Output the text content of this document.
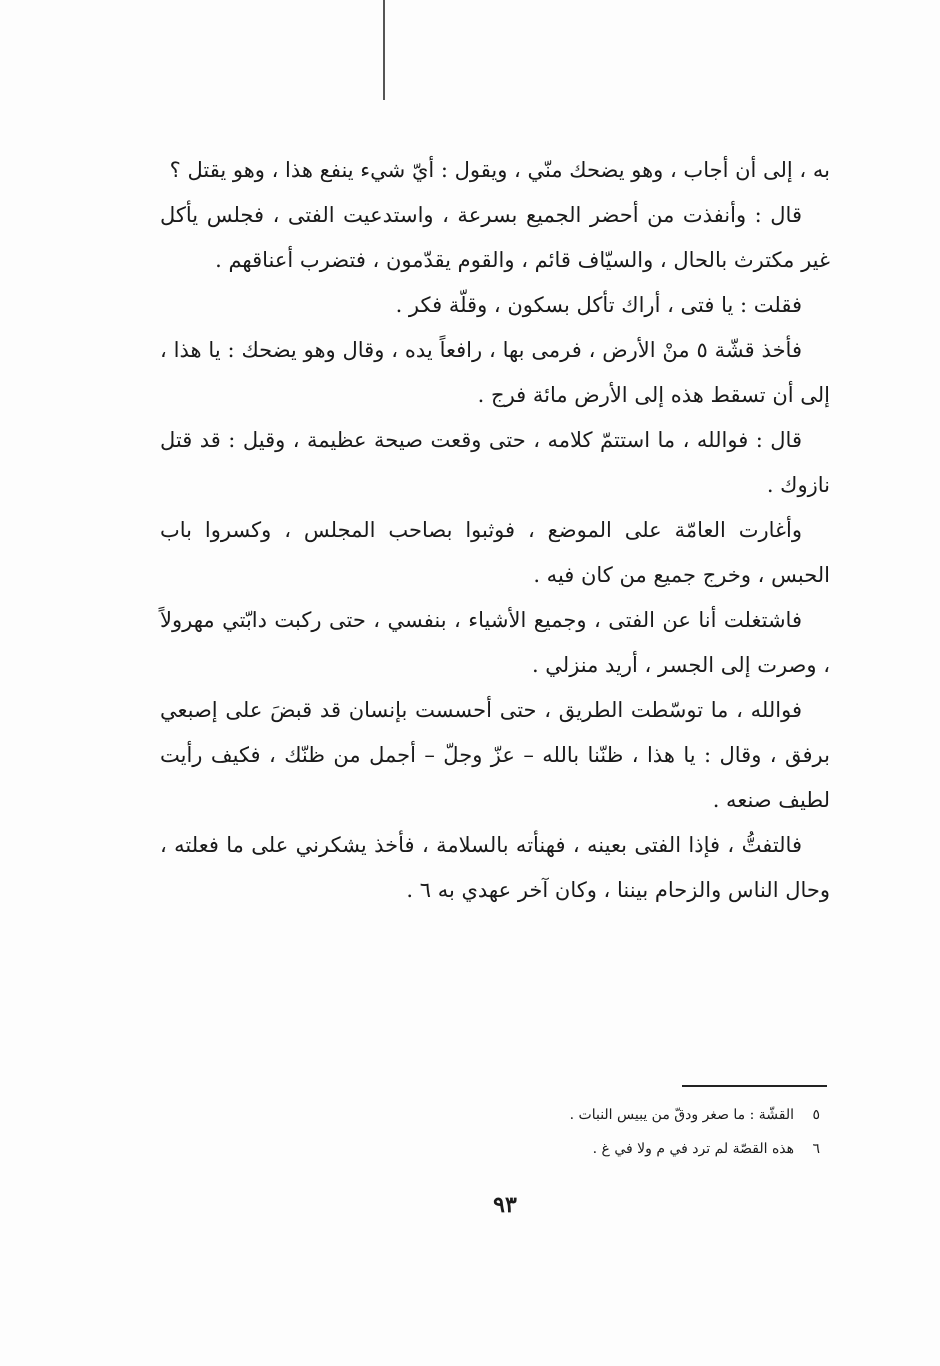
به ، إلى أن أجاب ، وهو يضحك منّي ، ويقول : أيّ شيء ينفع هذا ، وهو يقتل ؟

قال : وأنفذت من أحضر الجميع بسرعة ، واستدعيت الفتى ، فجلس يأكل غير مكترث بالحال ، والسيّاف قائم ، والقوم يقدّمون ، فتضرب أعناقهم .

فقلت : يا فتى ، أراك تأكل بسكون ، وقلّة فكر .

فأخذ قشّة ٥ منْ الأرض ، فرمى بها ، رافعاً يده ، وقال وهو يضحك : يا هذا ، إلى أن تسقط هذه إلى الأرض مائة فرج .

قال : فوالله ، ما استتمّ كلامه ، حتى وقعت صيحة عظيمة ، وقيل : قد قتل نازوك .

وأغارت العامّة على الموضع ، فوثبوا بصاحب المجلس ، وكسروا باب الحبس ، وخرج جميع من كان فيه .

فاشتغلت أنا عن الفتى ، وجميع الأشياء ، بنفسي ، حتى ركبت دابّتي مهرولاً ، وصرت إلى الجسر ، أريد منزلي .

فوالله ، ما توسّطت الطريق ، حتى أحسست بإنسان قد قبضَ على إصبعي برفق ، وقال : يا هذا ، ظنّنا بالله – عزّ وجلّ – أجمل من ظنّك ، فكيف رأيت لطيف صنعه .

فالتفتُّ ، فإذا الفتى بعينه ، فهنأته بالسلامة ، فأخذ يشكرني على ما فعلته ، وحال الناس والزحام بيننا ، وكان آخر عهدي به ٦ .

٥ القشّة : ما صغر ودقّ من يبيس النبات .
٦ هذه القصّة لم ترد في م ولا في غ .
٩٣
